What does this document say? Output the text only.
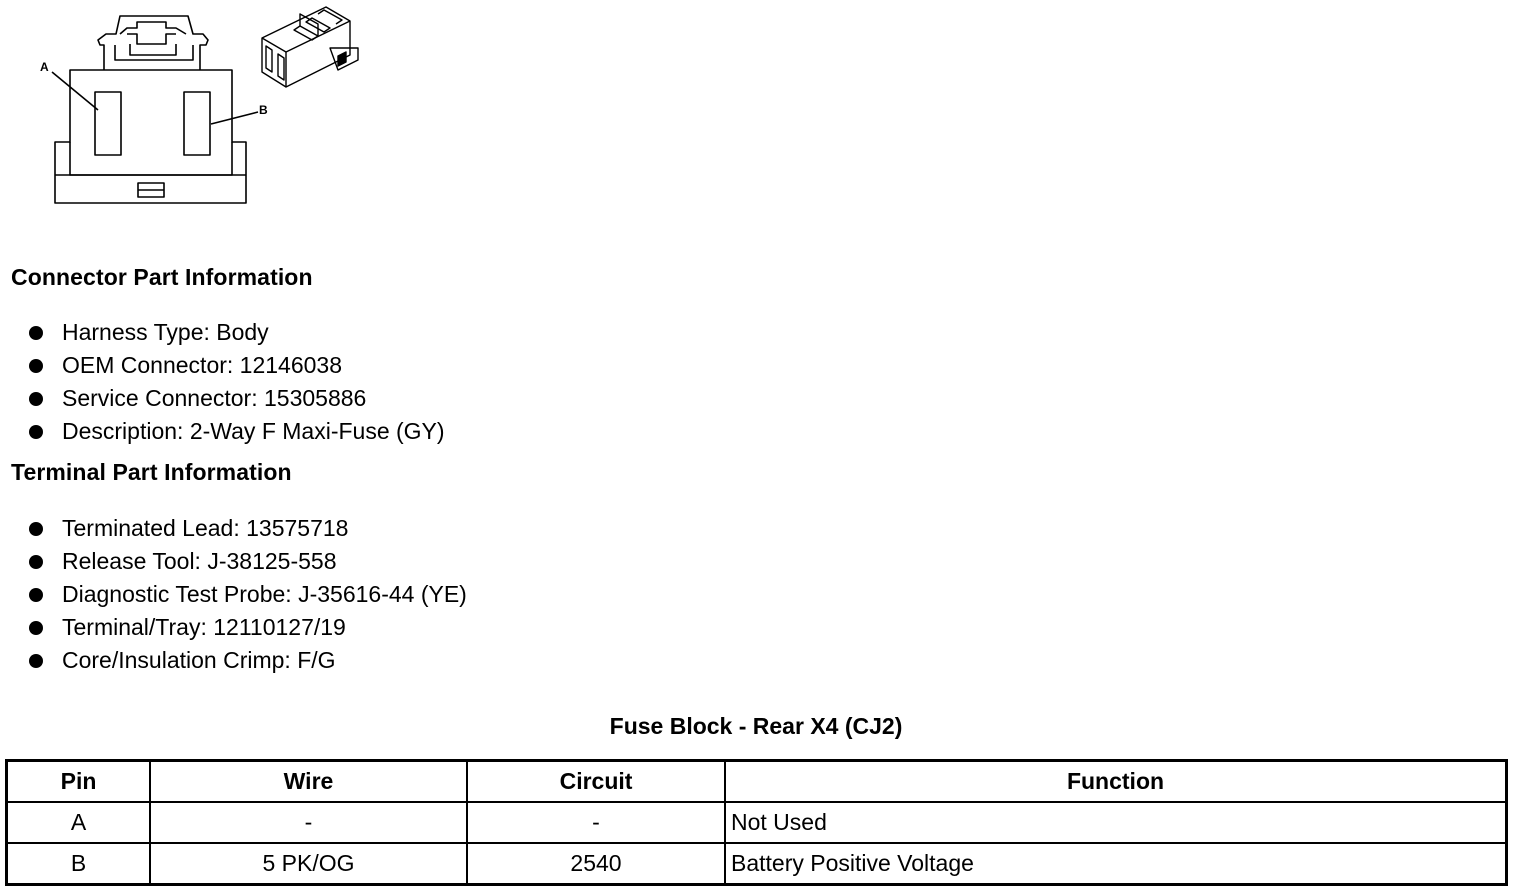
A
B
Connector Part Information
Harness Type: Body
OEM Connector: 12146038
Service Connector: 15305886
Description: 2-Way F Maxi-Fuse (GY)
Terminal Part Information
Terminated Lead: 13575718
Release Tool: J-38125-558
Diagnostic Test Probe: J-35616-44 (YE)
Terminal/Tray: 12110127/19
Core/Insulation Crimp: F/G
Fuse Block - Rear X4 (CJ2)
Pin	Wire	Circuit	Function
A	-	-	Not Used
B	5 PK/OG	2540	Battery Positive Voltage
